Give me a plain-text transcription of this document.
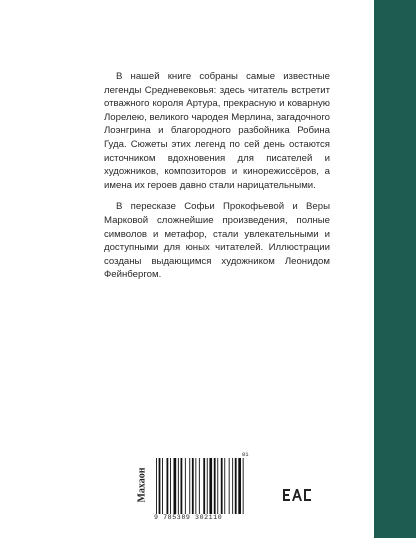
В нашей книге собраны самые известные легенды Средневековья: здесь читатель встретит отважного короля Артура, прекрасную и коварную Лорелею, великого чародея Мерлина, загадочного Лоэнгрина и благородного разбойника Робина Гуда. Сюжеты этих легенд по сей день остаются источником вдохновения для писателей и художников, композиторов и кинорежиссёров, а имена их героев давно стали нарицательными.

В пересказе Софьи Прокофьевой и Веры Марковой сложнейшие произведения, полные символов и метафор, стали увлекательными и доступными для юных читателей. Иллюстрации созданы выдающимся художником Леонидом Фейнбергом.

Махаон
01
9 785389 302110
